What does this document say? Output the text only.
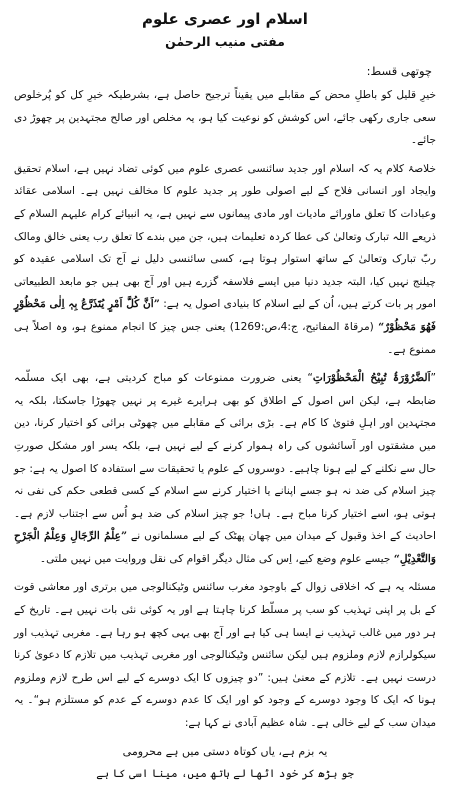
اسلام اور عصری علوم
مفتی منیب الرحمٰن
چوتھی قسط:

خیرِ قلیل کو باطلِ محض کے مقابلے میں یقیناً ترجیح حاصل ہے، بشرطیکہ خیرِ کل کو پُرخلوص سعی جاری رکھی جائے، اس کوشش کو نوعیت کیا ہو، یہ مخلص اور صالح مجتہدین پر چھوڑ دی جائے۔

خلاصۂ کلام یہ کہ اسلام اور جدید سائنسی عصری علوم میں کوئی تضاد نہیں ہے، اسلام تحقیق وایجاد اور انسانی فلاح کے لیے اصولی طور پر جدید علوم کا مخالف نہیں ہے۔ اسلامی عقائد وعبادات کا تعلق ماورائے مادیات اور مادی پیمانوں سے نہیں ہے، یہ انبیائے کرام علیہم السلام کے ذریعے اللہ تبارک وتعالیٰ کی عطا کردہ تعلیمات ہیں، جن میں بندے کا تعلق رب یعنی خالق ومالک ربّ تبارک وتعالیٰ کے ساتھ استوار ہوتا ہے، کسی سائنسی دلیل نے آج تک اسلامی عقیدہ کو چیلنج نہیں کیا، البتہ جدید دنیا میں ایسے فلاسفہ گزرے ہیں اور آج بھی ہیں جو مابعد الطبیعاتی امور پر بات کرتے ہیں، اُن کے لیے اسلام کا بنیادی اصول یہ ہے: ”اَنَّ کُلَّ اَمْرٍ یُتَذَرَّعُ بِہٖ اِلٰی مَحْظُوْرٍ فَھُوَ مَحْظُوْرٌ“ (مرقاۃ المفاتیح، ج:4،ص:1269) یعنی جس چیز کا انجام ممنوع ہو، وہ اصلاً ہی ممنوع ہے۔

”اَلضَّرُوْرَۃُ تُبِیْحُ الْمَحْظُوْرَاتِ“ یعنی ضرورت ممنوعات کو مباح کردیتی ہے، بھی ایک مسلّمہ ضابطہ ہے، لیکن اس اصول کے اطلاق کو بھی ہرایرے غیرے پر نہیں چھوڑا جاسکتا، بلکہ یہ مجتہدین اور اہلِ فتویٰ کا کام ہے۔ بڑی برائی کے مقابلے میں چھوٹی برائی کو اختیار کرنا، دین میں مشقتوں اور آسائشوں کی راہ ہموار کرنے کے لیے نہیں ہے، بلکہ یسر اور مشکل صورتِ حال سے نکلنے کے لیے ہونا چاہیے۔ دوسروں کے علوم یا تحقیقات سے استفادہ کا اصول یہ ہے: جو چیز اسلام کی ضد نہ ہو جسے اپنانے یا اختیار کرنے سے اسلام کے کسی قطعی حکم کی نفی نہ ہوتی ہو، اسے اختیار کرنا مباح ہے۔ ہاں! جو چیز اسلام کی ضد ہو اُس سے اجتناب لازم ہے۔ احادیث کے اخذ وقبول کے میدان میں چھان پھٹک کے لیے مسلمانوں نے ”عِلْمُ الرِّجَالِ وَعِلْمُ الْجَرْحِ وَالتَّعْدِیْلِ“ جیسے علوم وضع کیے، اِس کی مثال دیگر اقوام کی نقل وروایت میں نہیں ملتی۔

مسئلہ یہ ہے کہ اخلاقی زوال کے باوجود مغرب سائنس وٹیکنالوجی میں برتری اور معاشی قوت کے بل پر اپنی تہذیب کو سب پر مسلّط کرنا چاہتا ہے اور یہ کوئی نئی بات نہیں ہے۔ تاریخ کے ہر دور میں غالب تہذیب نے ایسا ہی کیا ہے اور آج بھی یہی کچھ ہو رہا ہے۔ مغربی تہذیب اور سیکولرازم لازم وملزوم ہیں لیکن سائنس وٹیکنالوجی اور مغربی تہذیب میں تلازم کا دعویٰ کرنا درست نہیں ہے۔ تلازم کے معنیٰ ہیں: ”دو چیزوں کا ایک دوسرے کے لیے اس طرح لازم وملزوم ہونا کہ ایک کا وجود دوسرے کے وجود کو اور ایک کا عدم دوسرے کے عدم کو مستلزم ہو“۔ یہ میدان سب کے لیے خالی ہے۔ شاہ عظیم آبادی نے کہا ہے:

یہ بزم ہے، یاں کوتاہ دستی میں ہے محرومی
جو بڑھ کر خود اٹھا لے ہاتھ میں، مینا اسی کا ہے
